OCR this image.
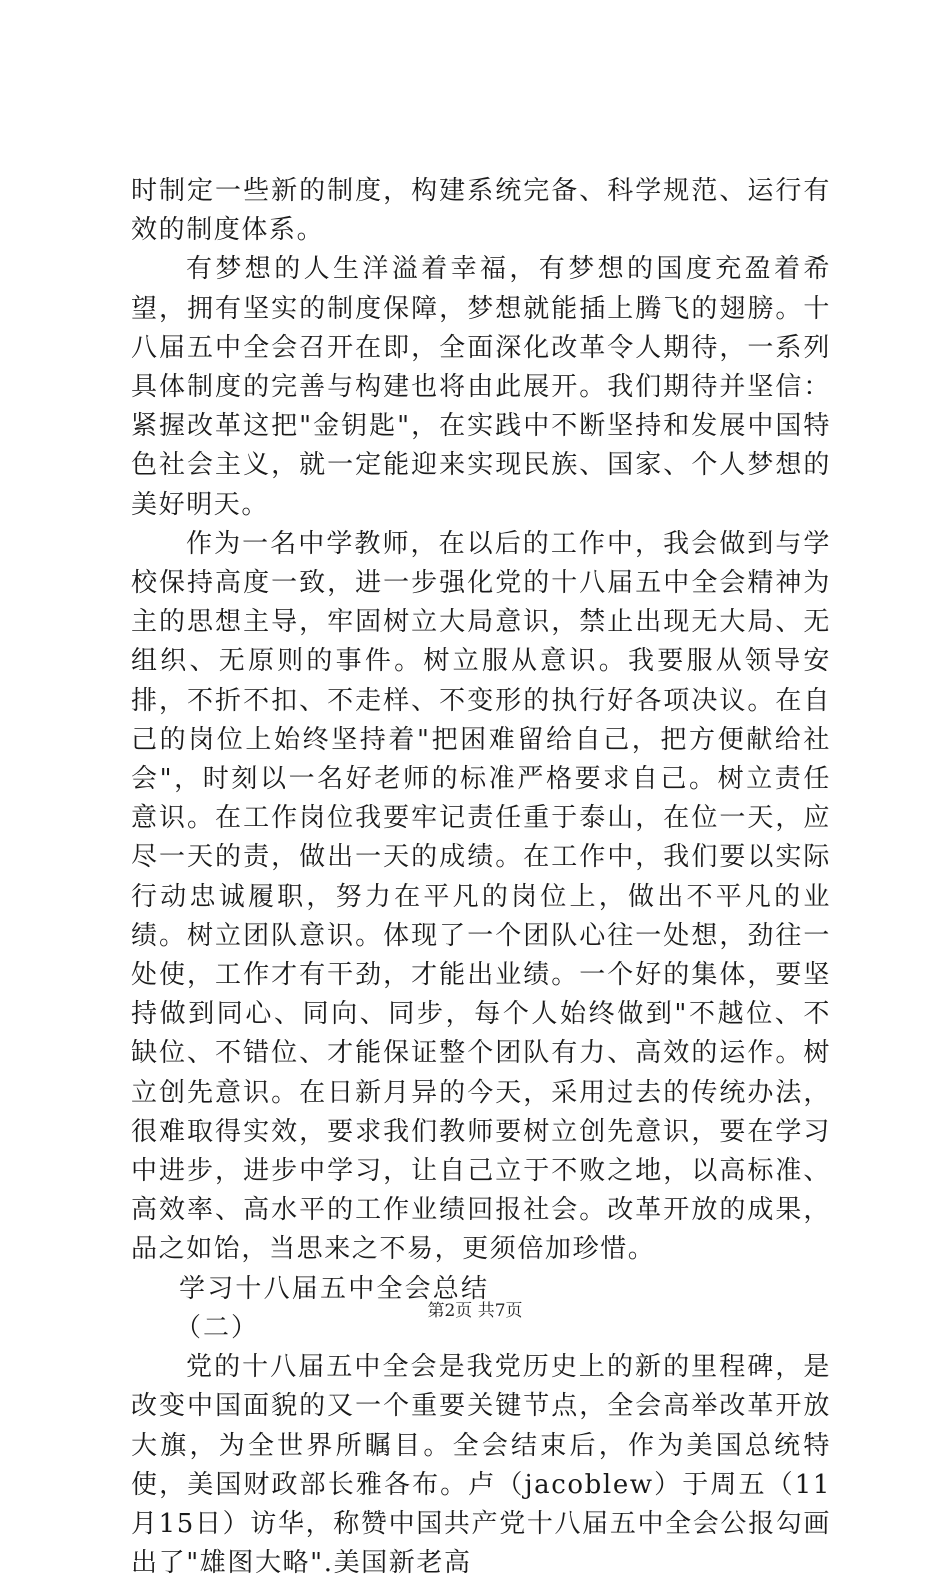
时制定一些新的制度，构建系统完备、科学规范、运行有效的制度体系。

有梦想的人生洋溢着幸福，有梦想的国度充盈着希望，拥有坚实的制度保障，梦想就能插上腾飞的翅膀。十八届五中全会召开在即，全面深化改革令人期待，一系列具体制度的完善与构建也将由此展开。我们期待并坚信：紧握改革这把"金钥匙"，在实践中不断坚持和发展中国特色社会主义，就一定能迎来实现民族、国家、个人梦想的美好明天。

作为一名中学教师，在以后的工作中，我会做到与学校保持高度一致，进一步强化党的十八届五中全会精神为主的思想主导，牢固树立大局意识，禁止出现无大局、无组织、无原则的事件。树立服从意识。我要服从领导安排，不折不扣、不走样、不变形的执行好各项决议。在自己的岗位上始终坚持着"把困难留给自己，把方便献给社会"，时刻以一名好老师的标准严格要求自己。树立责任意识。在工作岗位我要牢记责任重于泰山，在位一天，应尽一天的责，做出一天的成绩。在工作中，我们要以实际行动忠诚履职，努力在平凡的岗位上，做出不平凡的业绩。树立团队意识。体现了一个团队心往一处想，劲往一处使，工作才有干劲，才能出业绩。一个好的集体，要坚持做到同心、同向、同步，每个人始终做到"不越位、不缺位、不错位、才能保证整个团队有力、高效的运作。树立创先意识。在日新月异的今天，采用过去的传统办法，很难取得实效，要求我们教师要树立创先意识，要在学习中进步，进步中学习，让自己立于不败之地，以高标准、高效率、高水平的工作业绩回报社会。改革开放的成果，品之如饴，当思来之不易，更须倍加珍惜。

学习十八届五中全会总结

（二）

党的十八届五中全会是我党历史上的新的里程碑，是改变中国面貌的又一个重要关键节点，全会高举改革开放大旗，为全世界所瞩目。全会结束后，作为美国总统特使，美国财政部长雅各布。卢（jacoblew）于周五（11月15日）访华，称赞中国共产党十八届五中全会公报勾画出了"雄图大略".美国新老高

第2页 共7页
